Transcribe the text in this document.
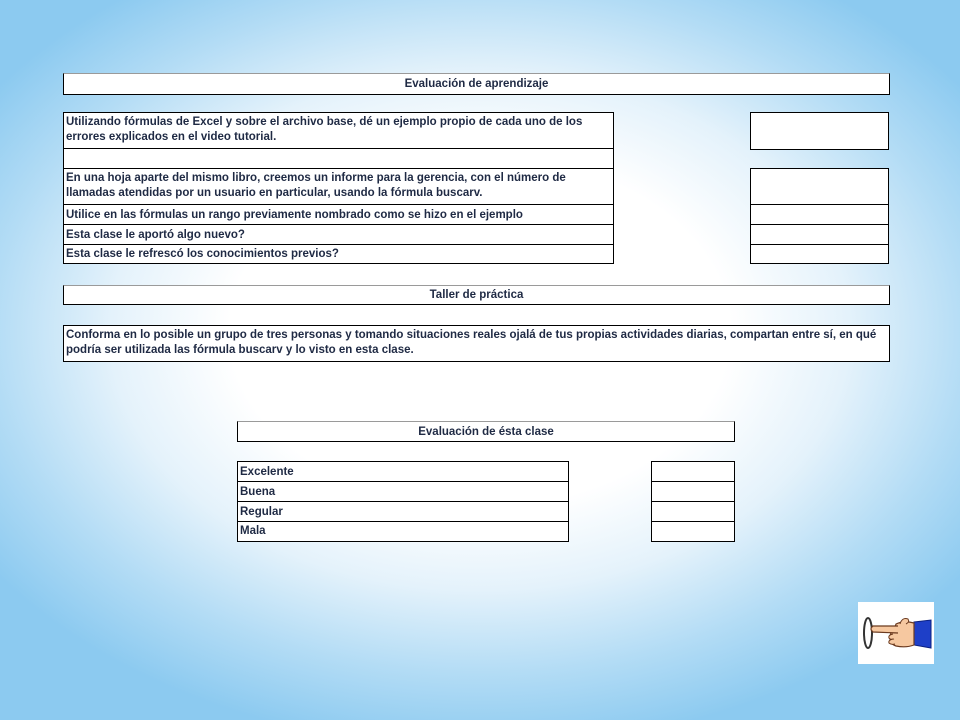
Evaluación de aprendizaje
Utilizando fórmulas de Excel y sobre el archivo base, dé un ejemplo propio de cada uno de los errores explicados en el video tutorial.
En una hoja aparte del mismo libro, creemos un informe para la gerencia, con el número de llamadas atendidas por un usuario en particular, usando la fórmula buscarv.
Utilice en las fórmulas un rango previamente nombrado como se hizo en el ejemplo
Esta clase le aportó algo nuevo?
Esta clase le refrescó los conocimientos previos?
Taller de práctica
Conforma en lo posible un grupo de tres personas y tomando situaciones reales ojalá de tus propias actividades diarias, compartan entre sí, en qué podría ser utilizada las fórmula buscarv y lo visto en esta clase.
Evaluación de ésta clase
Excelente
Buena
Regular
Mala
